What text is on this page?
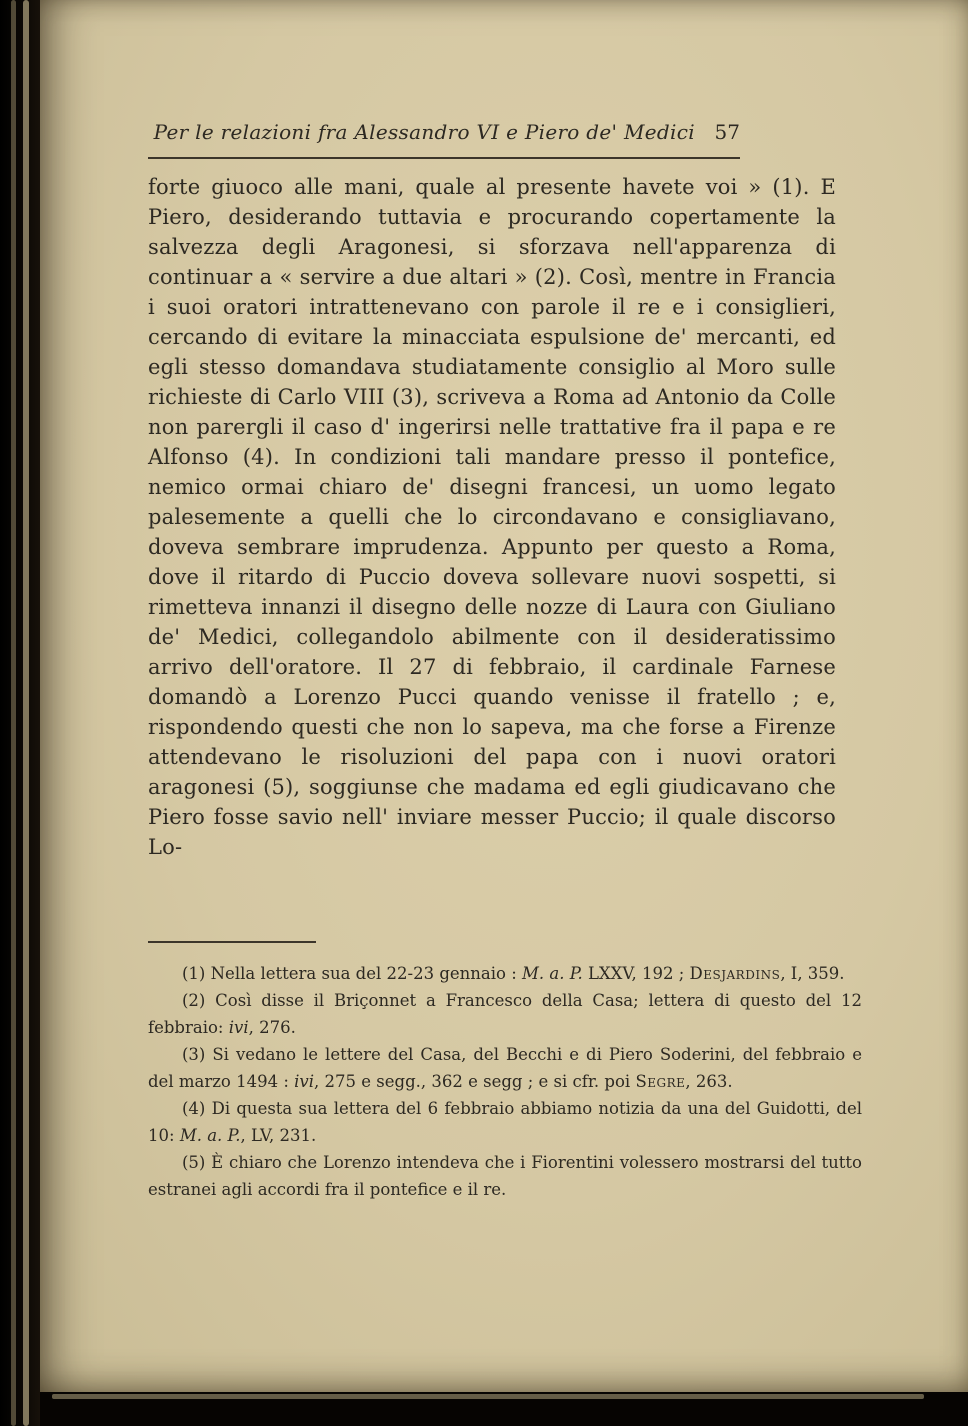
Per le relazioni fra Alessandro VI e Piero de' Medici 57

forte giuoco alle mani, quale al presente havete voi » (1). E Piero, desiderando tuttavia e procurando copertamente la salvezza degli Aragonesi, si sforzava nell'apparenza di continuar a « servire a due altari » (2). Così, mentre in Francia i suoi oratori intrattenevano con parole il re e i consiglieri, cercando di evitare la minacciata espulsione de' mercanti, ed egli stesso domandava studiatamente consiglio al Moro sulle richieste di Carlo VIII (3), scriveva a Roma ad Antonio da Colle non parergli il caso d' ingerirsi nelle trattative fra il papa e re Alfonso (4). In condizioni tali mandare presso il pontefice, nemico ormai chiaro de' disegni francesi, un uomo legato palesemente a quelli che lo circondavano e consigliavano, doveva sembrare imprudenza. Appunto per questo a Roma, dove il ritardo di Puccio doveva sollevare nuovi sospetti, si rimetteva innanzi il disegno delle nozze di Laura con Giuliano de' Medici, collegandolo abilmente con il desideratissimo arrivo dell'oratore. Il 27 di febbraio, il cardinale Farnese domandò a Lorenzo Pucci quando venisse il fratello ; e, rispondendo questi che non lo sapeva, ma che forse a Firenze attendevano le risoluzioni del papa con i nuovi oratori aragonesi (5), soggiunse che madama ed egli giudicavano che Piero fosse savio nell' inviare messer Puccio; il quale discorso Lo-

(1) Nella lettera sua del 22-23 gennaio : M. a. P. LXXV, 192 ; Desjardins, I, 359.

(2) Così disse il Briçonnet a Francesco della Casa; lettera di questo del 12 febbraio: ivi, 276.

(3) Si vedano le lettere del Casa, del Becchi e di Piero Soderini, del febbraio e del marzo 1494 : ivi, 275 e segg., 362 e segg ; e si cfr. poi Segre, 263.

(4) Di questa sua lettera del 6 febbraio abbiamo notizia da una del Guidotti, del 10: M. a. P., LV, 231.

(5) È chiaro che Lorenzo intendeva che i Fiorentini volessero mostrarsi del tutto estranei agli accordi fra il pontefice e il re.
